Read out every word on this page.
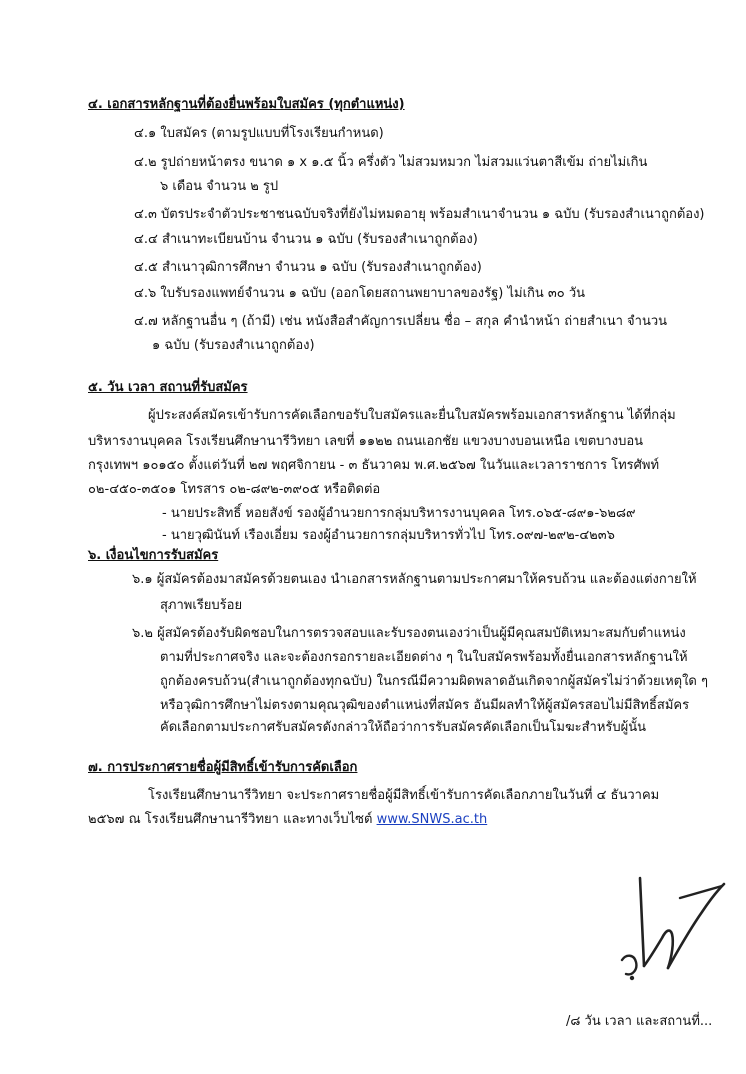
๔. เอกสารหลักฐานที่ต้องยื่นพร้อมใบสมัคร (ทุกตำแหน่ง)
๔.๑ ใบสมัคร (ตามรูปแบบที่โรงเรียนกำหนด)
๔.๒ รูปถ่ายหน้าตรง ขนาด ๑ x ๑.๕ นิ้ว ครึ่งตัว ไม่สวมหมวก ไม่สวมแว่นตาสีเข้ม ถ่ายไม่เกิน
๖ เดือน จำนวน ๒ รูป
๔.๓ บัตรประจำตัวประชาชนฉบับจริงที่ยังไม่หมดอายุ พร้อมสำเนาจำนวน ๑ ฉบับ (รับรองสำเนาถูกต้อง)
๔.๔ สำเนาทะเบียนบ้าน จำนวน ๑ ฉบับ (รับรองสำเนาถูกต้อง)
๔.๕ สำเนาวุฒิการศึกษา จำนวน ๑ ฉบับ (รับรองสำเนาถูกต้อง)
๔.๖ ใบรับรองแพทย์จำนวน ๑ ฉบับ (ออกโดยสถานพยาบาลของรัฐ) ไม่เกิน ๓๐ วัน
๔.๗ หลักฐานอื่น ๆ (ถ้ามี) เช่น หนังสือสำคัญการเปลี่ยน ชื่อ – สกุล คำนำหน้า ถ่ายสำเนา จำนวน
๑ ฉบับ (รับรองสำเนาถูกต้อง)
๕. วัน เวลา สถานที่รับสมัคร
ผู้ประสงค์สมัครเข้ารับการคัดเลือกขอรับใบสมัครและยื่นใบสมัครพร้อมเอกสารหลักฐาน ได้ที่กลุ่ม
บริหารงานบุคคล โรงเรียนศึกษานารีวิทยา เลขที่ ๑๑๒๒ ถนนเอกชัย แขวงบางบอนเหนือ เขตบางบอน
กรุงเทพฯ ๑๐๑๕๐ ตั้งแต่วันที่ ๒๗ พฤศจิกายน - ๓ ธันวาคม พ.ศ.๒๕๖๗ ในวันและเวลาราชการ โทรศัพท์
๐๒-๔๕๐-๓๕๐๑ โทรสาร ๐๒-๘๙๒-๓๙๐๕ หรือติดต่อ
- นายประสิทธิ์ หอยสังข์ รองผู้อำนวยการกลุ่มบริหารงานบุคคล โทร.๐๖๕-๘๙๑-๖๒๘๙
- นายวุฒินันท์ เรืองเอี่ยม รองผู้อำนวยการกลุ่มบริหารทั่วไป โทร.๐๙๗-๒๙๒-๔๒๓๖
๖. เงื่อนไขการรับสมัคร
๖.๑ ผู้สมัครต้องมาสมัครด้วยตนเอง นำเอกสารหลักฐานตามประกาศมาให้ครบถ้วน และต้องแต่งกายให้
สุภาพเรียบร้อย
๖.๒ ผู้สมัครต้องรับผิดชอบในการตรวจสอบและรับรองตนเองว่าเป็นผู้มีคุณสมบัติเหมาะสมกับตำแหน่ง
ตามที่ประกาศจริง และจะต้องกรอกรายละเอียดต่าง ๆ ในใบสมัครพร้อมทั้งยื่นเอกสารหลักฐานให้
ถูกต้องครบถ้วน(สำเนาถูกต้องทุกฉบับ) ในกรณีมีความผิดพลาดอันเกิดจากผู้สมัครไม่ว่าด้วยเหตุใด ๆ
หรือวุฒิการศึกษาไม่ตรงตามคุณวุฒิของตำแหน่งที่สมัคร อันมีผลทำให้ผู้สมัครสอบไม่มีสิทธิ์สมัคร
คัดเลือกตามประกาศรับสมัครดังกล่าวให้ถือว่าการรับสมัครคัดเลือกเป็นโมฆะสำหรับผู้นั้น
๗. การประกาศรายชื่อผู้มีสิทธิ์เข้ารับการคัดเลือก
โรงเรียนศึกษานารีวิทยา จะประกาศรายชื่อผู้มีสิทธิ์เข้ารับการคัดเลือกภายในวันที่ ๔ ธันวาคม
๒๕๖๗ ณ โรงเรียนศึกษานารีวิทยา และทางเว็บไซต์ www.SNWS.ac.th
/๘ วัน เวลา และสถานที่...
